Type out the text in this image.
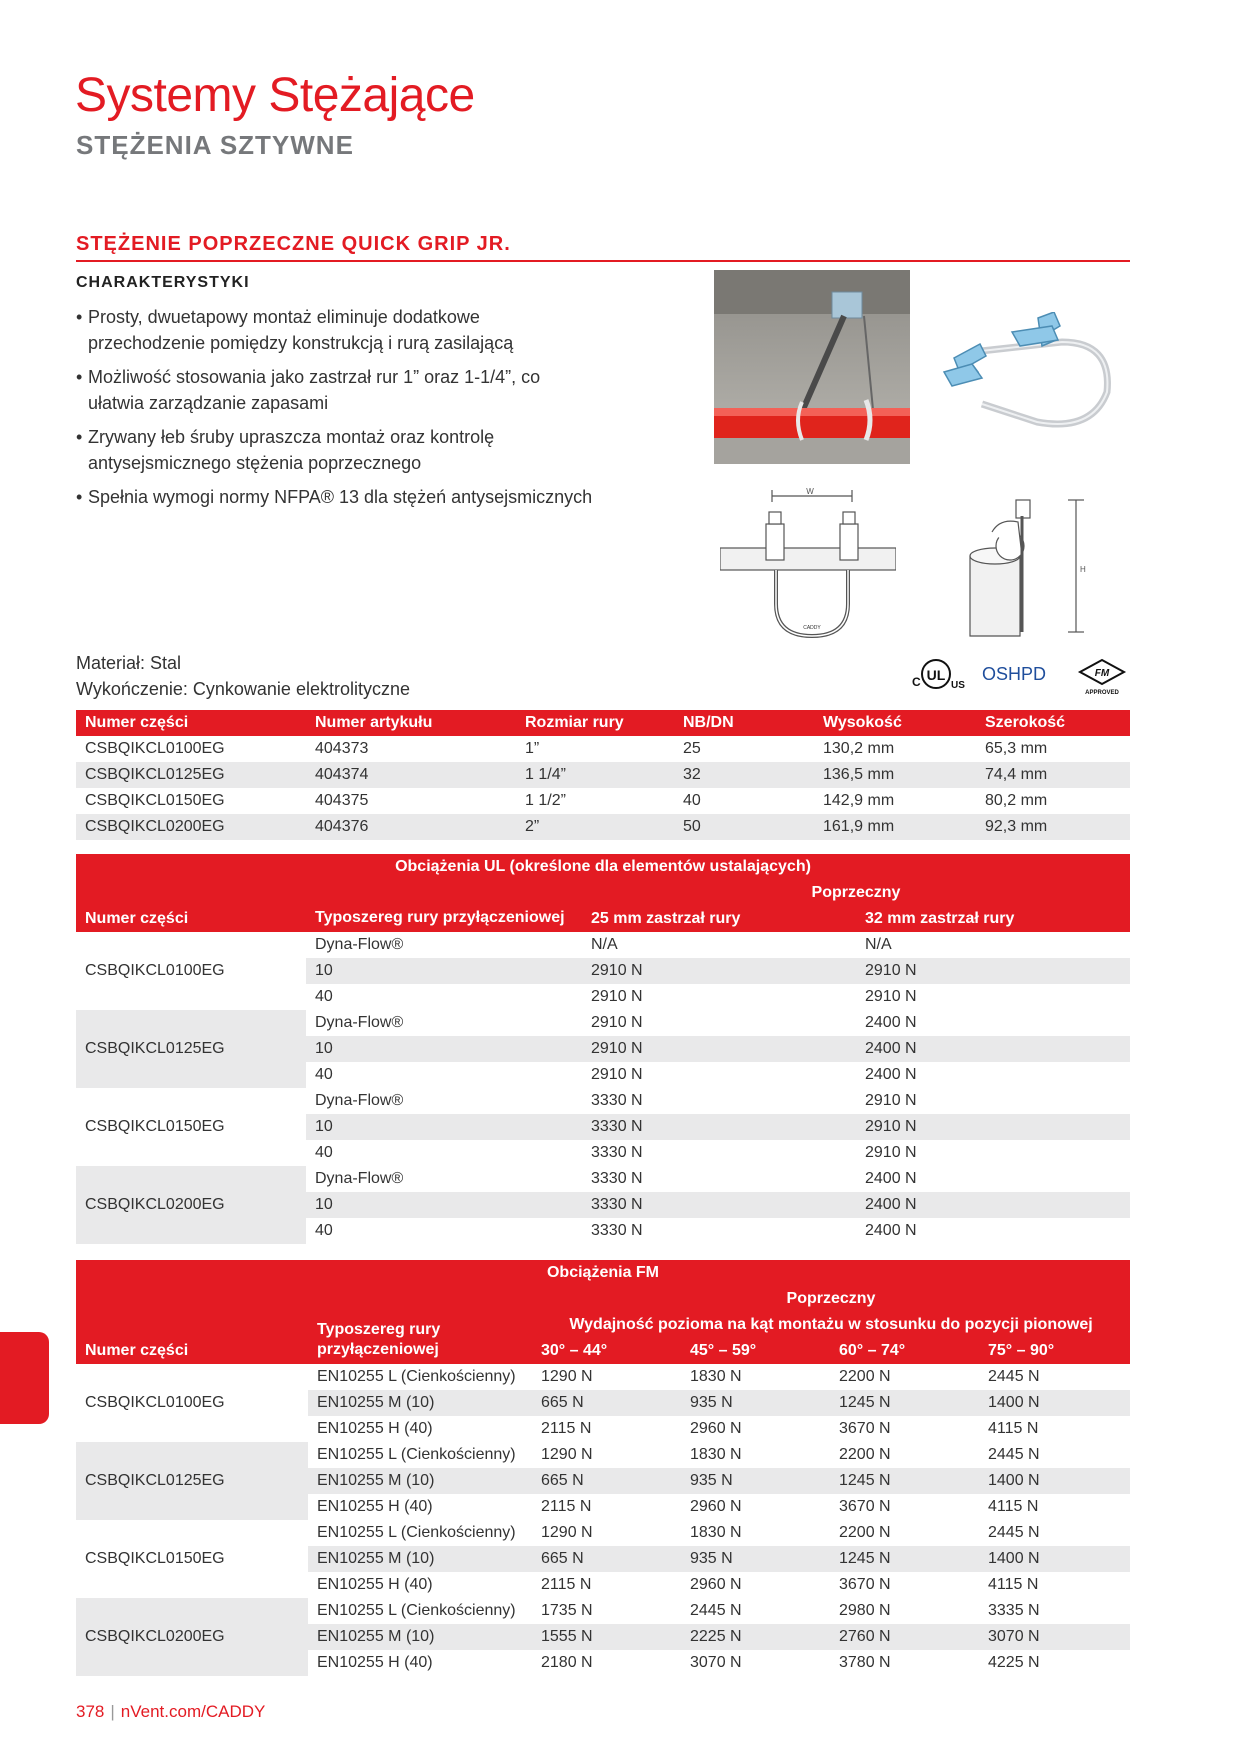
Systemy Stężające
STĘŻENIA SZTYWNE
STĘŻENIE POPRZECZNE QUICK GRIP JR.
CHARAKTERYSTYKI
• Prosty, dwuetapowy montaż eliminuje dodatkowe przechodzenie pomiędzy konstrukcją i rurą zasilającą
• Możliwość stosowania jako zastrzał rur 1” oraz 1-1/4”, co ułatwia zarządzanie zapasami
• Zrywany łeb śruby upraszcza montaż oraz kontrolę antysejsmicznego stężenia poprzecznego
• Spełnia wymogi normy NFPA® 13 dla stężeń antysejsmicznych	W
CADDY
H
Materiał: Stal
Wykończenie: Cynkowanie elektrolityczne
UL
C	US
OSHPD	FM
APPROVED
Numer części	Numer artykułu	Rozmiar rury	NB/DN	Wysokość	Szerokość
CSBQIKCL0100EG	404373	1”	25	130,2 mm	65,3 mm
CSBQIKCL0125EG	404374	1 1/4”	32	136,5 mm	74,4 mm
CSBQIKCL0150EG	404375	1 1/2”	40	142,9 mm	80,2 mm
CSBQIKCL0200EG	404376	2”	50	161,9 mm	92,3 mm
Obciążenia UL (określone dla elementów ustalających)			
Numer części	Typoszereg rury przyłączeniowej	Poprzeczny	
		25 mm zastrzał rury	32 mm zastrzał rury
CSBQIKCL0100EG	Dyna-Flow®	N/A	N/A
	10	2910 N	2910 N
	40	2910 N	2910 N
CSBQIKCL0125EG	Dyna-Flow®	2910 N	2400 N
	10	2910 N	2400 N
	40	2910 N	2400 N
CSBQIKCL0150EG	Dyna-Flow®	3330 N	2910 N
	10	3330 N	2910 N
	40	3330 N	2910 N
CSBQIKCL0200EG	Dyna-Flow®	3330 N	2400 N
	10	3330 N	2400 N
	40	3330 N	2400 N
Obciążenia FM					
Numer części	Typoszereg rury przyłączeniowej	Poprzeczny			
		Wydajność pozioma na kąt montażu w stosunku do pozycji pionowej			
		30° – 44°	45° – 59°	60° – 74°	75° – 90°
CSBQIKCL0100EG	EN10255 L (Cienkościenny)	1290 N	1830 N	2200 N	2445 N
	EN10255 M (10)	665 N	935 N	1245 N	1400 N
	EN10255 H (40)	2115 N	2960 N	3670 N	4115 N
CSBQIKCL0125EG	EN10255 L (Cienkościenny)	1290 N	1830 N	2200 N	2445 N
	EN10255 M (10)	665 N	935 N	1245 N	1400 N
	EN10255 H (40)	2115 N	2960 N	3670 N	4115 N
CSBQIKCL0150EG	EN10255 L (Cienkościenny)	1290 N	1830 N	2200 N	2445 N
	EN10255 M (10)	665 N	935 N	1245 N	1400 N
	EN10255 H (40)	2115 N	2960 N	3670 N	4115 N
CSBQIKCL0200EG	EN10255 L (Cienkościenny)	1735 N	2445 N	2980 N	3335 N
	EN10255 M (10)	1555 N	2225 N	2760 N	3070 N
	EN10255 H (40)	2180 N	3070 N	3780 N	4225 N
378 | nVent.com/CADDY
